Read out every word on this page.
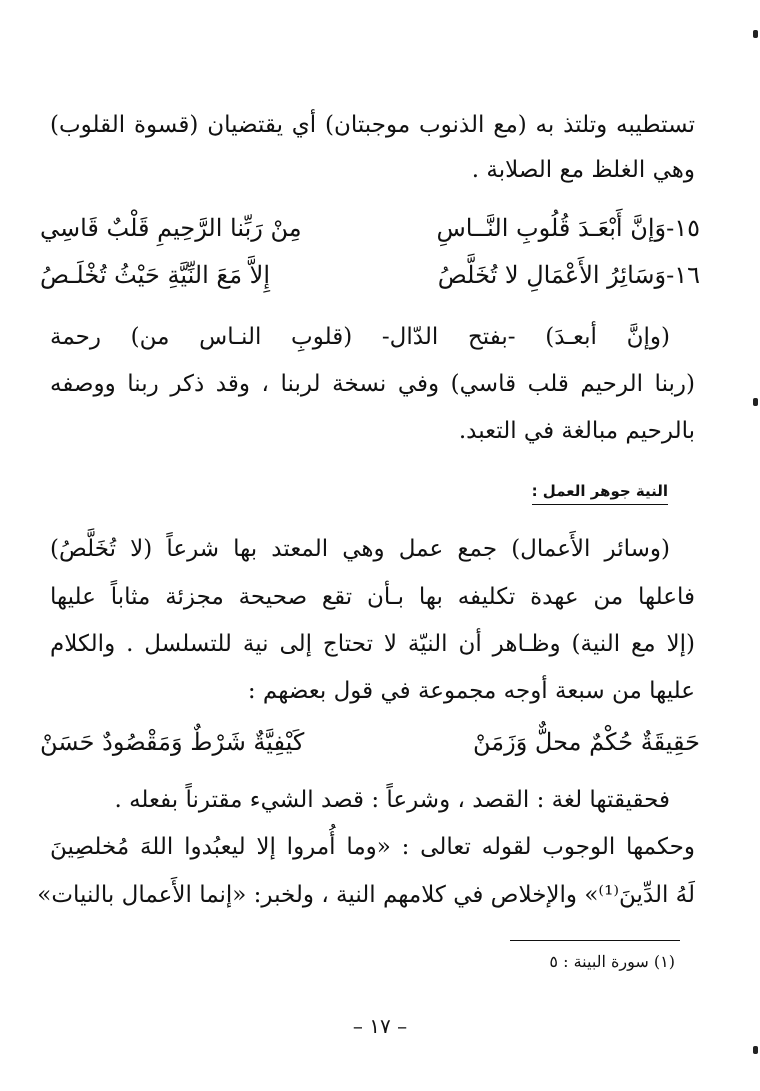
تستطيبه وتلتذ به (مع الذنوب موجبتان) أي يقتضيان (قسوة القلوب)
وهي الغلظ مع الصلابة .
١٥-وَإنَّ أَبْعَـدَ قُلُوبِ النَّــاسِ
مِنْ رَبِّنا الرَّحِيمِ قَلْبٌ قَاسِي
١٦-وَسَائِرُ الأَعْمَالِ لا تُخَلَّصُ
إِلاَّ مَعَ النِّيَّةِ حَيْثُ تُخْلَـصُ
(وإنَّ أبعـدَ) -بفتح الدّال- (قلوبِ النـاس من) رحمة
(ربنا الرحيم قلب قاسي) وفي نسخة لربنا ، وقد ذكر ربنا ووصفه
بالرحيم مبالغة في التعبد.
النية جوهر العمل :
(وسائر الأَعمال) جمع عمل وهي المعتد بها شرعاً (لا تُخَلَّصُ)
فاعلها من عهدة تكليفه بها بـأن تقع صحيحة مجزئة مثاباً عليها
(إلا مع النية) وظـاهر أن النيّة لا تحتاج إلى نية للتسلسل . والكلام
عليها من سبعة أوجه مجموعة في قول بعضهم :
حَقِيقَةٌ حُكْمٌ محلٌّ وَزَمَنْ
كَيْفِيَّةٌ شَرْطٌ وَمَقْصُودٌ حَسَنْ
فحقيقتها لغة : القصد ، وشرعاً : قصد الشيء مقترناً بفعله .
وحكمها الوجوب لقوله تعالى : «وما أُمروا إلا ليعبُدوا اللهَ مُخلصِينَ
لَهُ الدِّينَ⁽¹⁾» والإخلاص في كلامهم النية ، ولخبر: «إنما الأَعمال بالنيات»
(١) سورة البينة : ٥
– ١٧ –
